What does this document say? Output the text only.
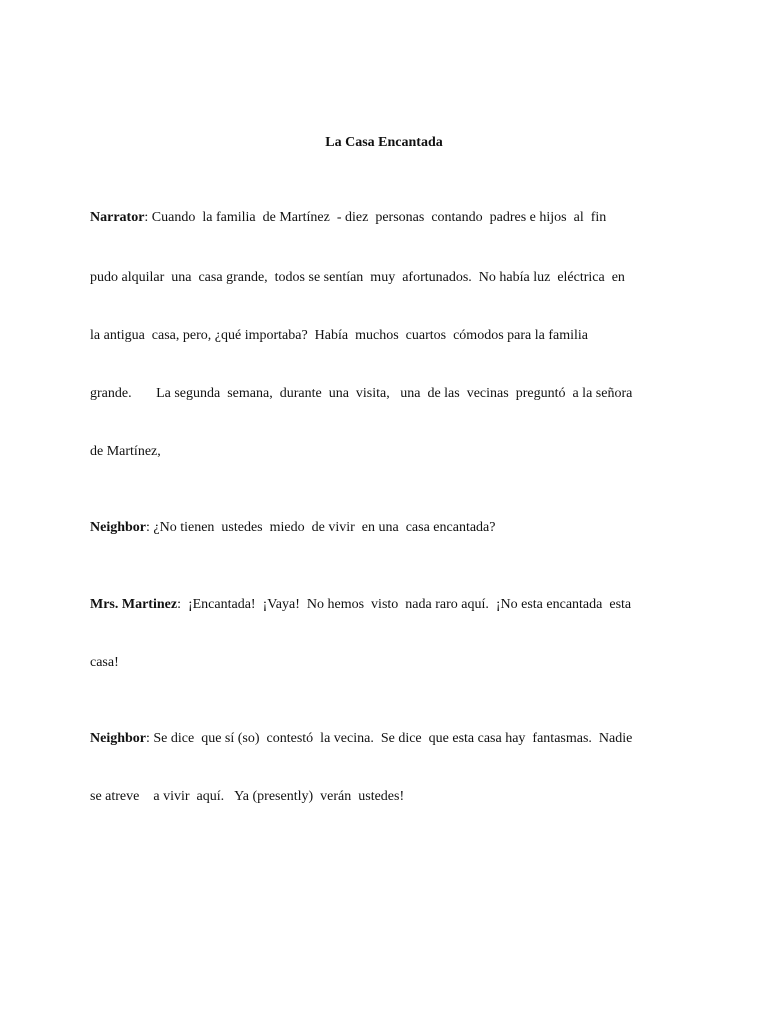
La Casa Encantada

Narrator: Cuando  la familia  de Martínez  - diez  personas  contando  padres e hijos  al  fin

pudo alquilar  una  casa grande,  todos se sentían  muy  afortunados.  No había luz  eléctrica  en

la antigua  casa, pero, ¿qué importaba?  Había  muchos  cuartos  cómodos para la familia

grande.       La segunda  semana,  durante  una  visita,   una  de las  vecinas  preguntó  a la señora

de Martínez,

Neighbor: ¿No tienen  ustedes  miedo  de vivir  en una  casa encantada?

Mrs. Martinez:  ¡Encantada!  ¡Vaya!  No hemos  visto  nada raro aquí.  ¡No esta encantada  esta

casa!

Neighbor: Se dice  que sí (so)  contestó  la vecina.  Se dice  que esta casa hay  fantasmas.  Nadie

se atreve    a vivir  aquí.   Ya (presently)  verán  ustedes!
